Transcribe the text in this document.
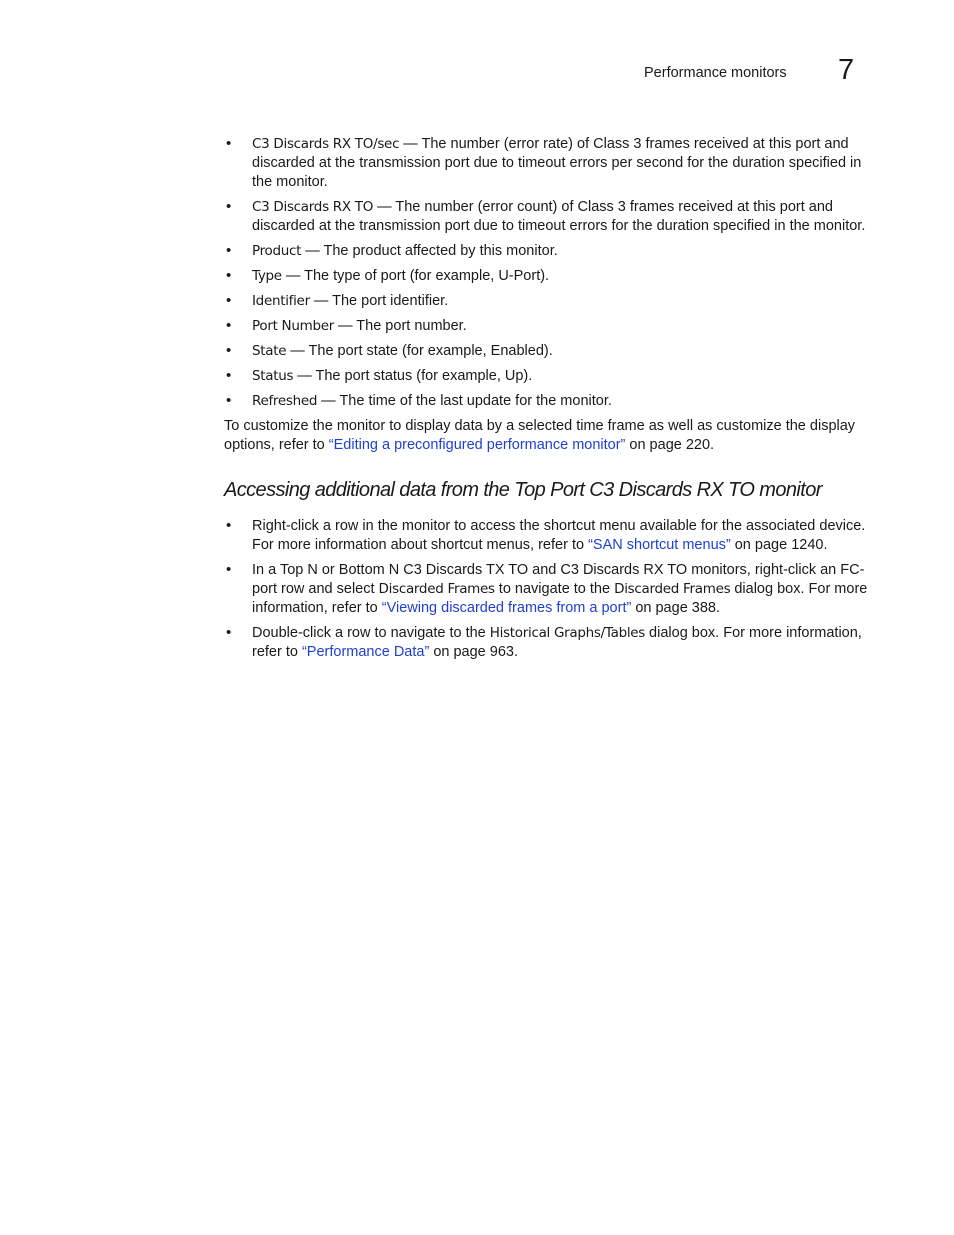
Performance monitors 7
• C3 Discards RX TO/sec — The number (error rate) of Class 3 frames received at this port and discarded at the transmission port due to timeout errors per second for the duration specified in the monitor.
• C3 Discards RX TO — The number (error count) of Class 3 frames received at this port and discarded at the transmission port due to timeout errors for the duration specified in the monitor.
• Product — The product affected by this monitor.
• Type — The type of port (for example, U-Port).
• Identifier — The port identifier.
• Port Number — The port number.
• State — The port state (for example, Enabled).
• Status — The port status (for example, Up).
• Refreshed — The time of the last update for the monitor.

To customize the monitor to display data by a selected time frame as well as customize the display options, refer to “Editing a preconfigured performance monitor” on page 220.

Accessing additional data from the Top Port C3 Discards RX TO monitor
• Right-click a row in the monitor to access the shortcut menu available for the associated device. For more information about shortcut menus, refer to “SAN shortcut menus” on page 1240.
• In a Top N or Bottom N C3 Discards TX TO and C3 Discards RX TO monitors, right-click an FC-port row and select Discarded Frames to navigate to the Discarded Frames dialog box. For more information, refer to “Viewing discarded frames from a port” on page 388.
• Double-click a row to navigate to the Historical Graphs/Tables dialog box. For more information, refer to “Performance Data” on page 963.
